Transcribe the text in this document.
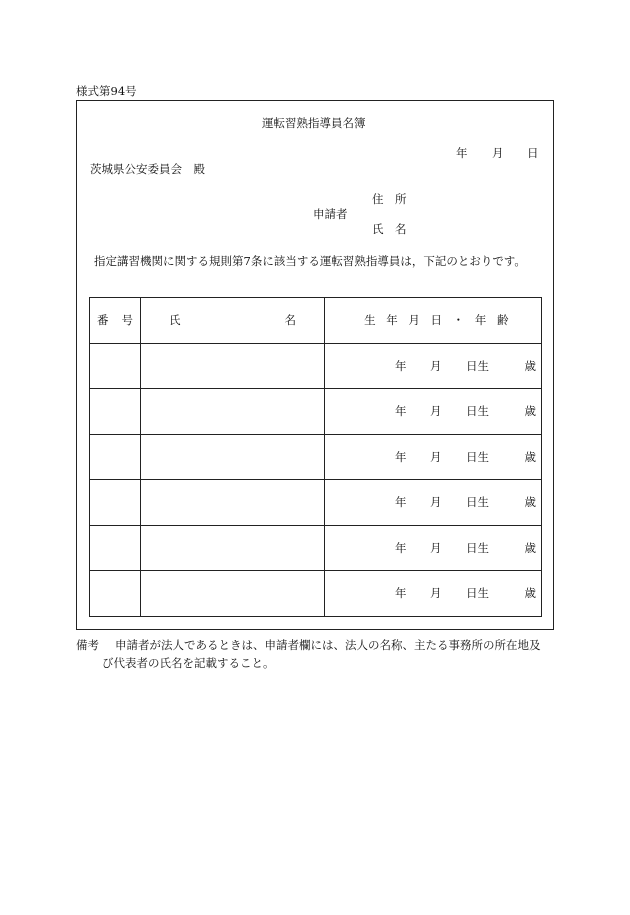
様式第94号
運転習熟指導員名簿
年 月 日
茨城県公安委員会　殿
住　所
申請者
氏　名
指定講習機関に関する規則第7条に該当する運転習熟指導員は，下記のとおりです。
番 号	氏 名	生 年 月 日 ・ 年 齢

		年 月 日生 歳

		年 月 日生 歳

		年 月 日生 歳

		年 月 日生 歳

		年 月 日生 歳

		年 月 日生 歳
備考 申請者が法人であるときは、申請者欄には、法人の名称、主たる事務所の所在地及
び代表者の氏名を記載すること。
